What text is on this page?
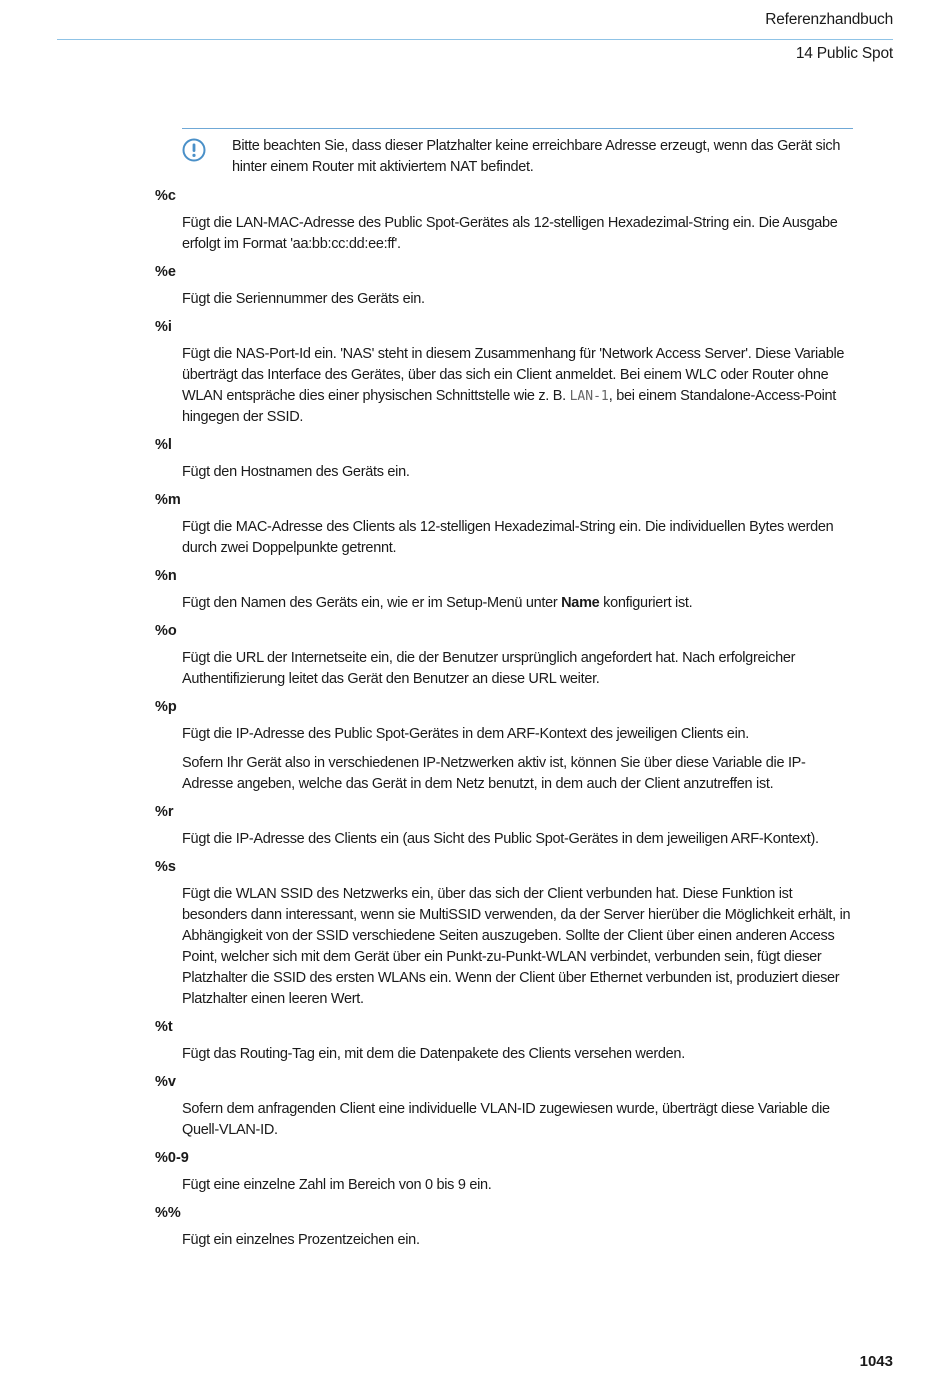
Referenzhandbuch
14 Public Spot
Bitte beachten Sie, dass dieser Platzhalter keine erreichbare Adresse erzeugt, wenn das Gerät sich hinter einem Router mit aktiviertem NAT befindet.
%c
Fügt die LAN-MAC-Adresse des Public Spot-Gerätes als 12-stelligen Hexadezimal-String ein. Die Ausgabe erfolgt im Format 'aa:bb:cc:dd:ee:ff'.
%e
Fügt die Seriennummer des Geräts ein.
%i
Fügt die NAS-Port-Id ein. 'NAS' steht in diesem Zusammenhang für 'Network Access Server'. Diese Variable überträgt das Interface des Gerätes, über das sich ein Client anmeldet. Bei einem WLC oder Router ohne WLAN entspräche dies einer physischen Schnittstelle wie z. B. LAN-1, bei einem Standalone-Access-Point hingegen der SSID.
%l
Fügt den Hostnamen des Geräts ein.
%m
Fügt die MAC-Adresse des Clients als 12-stelligen Hexadezimal-String ein. Die individuellen Bytes werden durch zwei Doppelpunkte getrennt.
%n
Fügt den Namen des Geräts ein, wie er im Setup-Menü unter Name konfiguriert ist.
%o
Fügt die URL der Internetseite ein, die der Benutzer ursprünglich angefordert hat. Nach erfolgreicher Authentifizierung leitet das Gerät den Benutzer an diese URL weiter.
%p
Fügt die IP-Adresse des Public Spot-Gerätes in dem ARF-Kontext des jeweiligen Clients ein.
Sofern Ihr Gerät also in verschiedenen IP-Netzwerken aktiv ist, können Sie über diese Variable die IP-Adresse angeben, welche das Gerät in dem Netz benutzt, in dem auch der Client anzutreffen ist.
%r
Fügt die IP-Adresse des Clients ein (aus Sicht des Public Spot-Gerätes in dem jeweiligen ARF-Kontext).
%s
Fügt die WLAN SSID des Netzwerks ein, über das sich der Client verbunden hat. Diese Funktion ist besonders dann interessant, wenn sie MultiSSID verwenden, da der Server hierüber die Möglichkeit erhält, in Abhängigkeit von der SSID verschiedene Seiten auszugeben. Sollte der Client über einen anderen Access Point, welcher sich mit dem Gerät über ein Punkt-zu-Punkt-WLAN verbindet, verbunden sein, fügt dieser Platzhalter die SSID des ersten WLANs ein. Wenn der Client über Ethernet verbunden ist, produziert dieser Platzhalter einen leeren Wert.
%t
Fügt das Routing-Tag ein, mit dem die Datenpakete des Clients versehen werden.
%v
Sofern dem anfragenden Client eine individuelle VLAN-ID zugewiesen wurde, überträgt diese Variable die Quell-VLAN-ID.
%0-9
Fügt eine einzelne Zahl im Bereich von 0 bis 9 ein.
%%
Fügt ein einzelnes Prozentzeichen ein.
1043
